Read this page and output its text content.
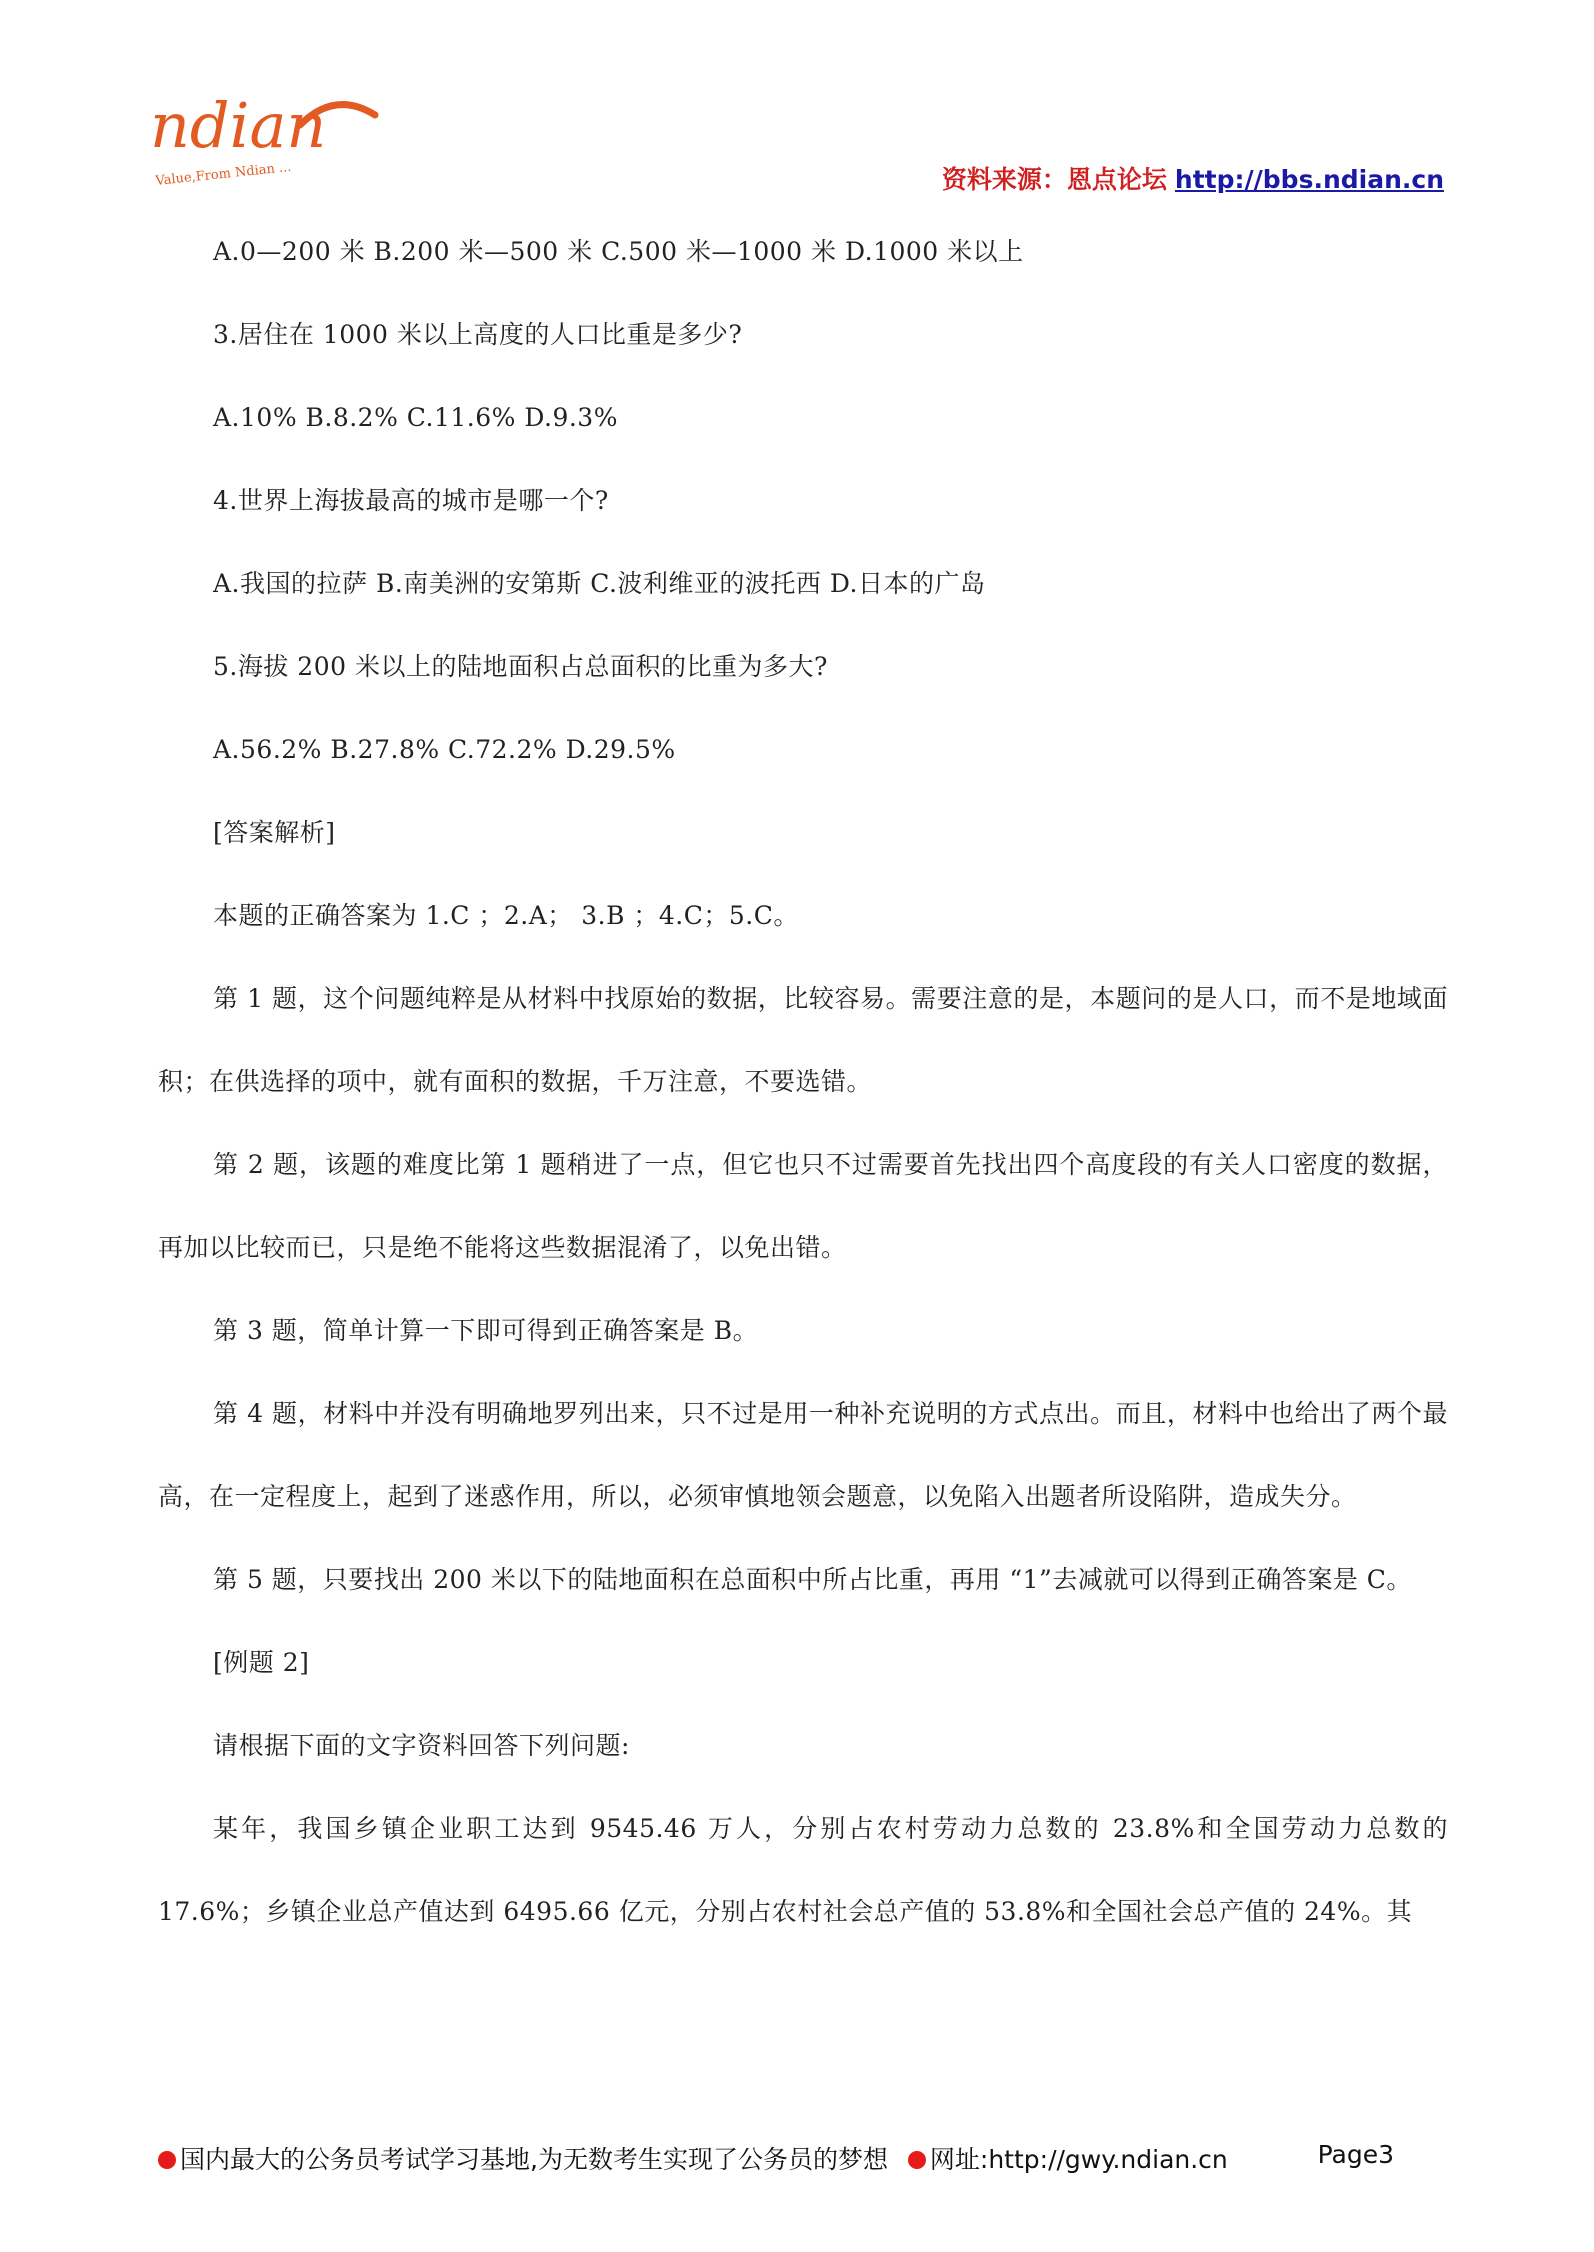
ndian
Value,From Ndian ...	资料来源：恩点论坛 http://bbs.ndian.cn

A.0—200 米 B.200 米—500 米 C.500 米—1000 米 D.1000 米以上

3.居住在 1000 米以上高度的人口比重是多少?

A.10% B.8.2% C.11.6% D.9.3%

4.世界上海拔最高的城市是哪一个?

A.我国的拉萨 B.南美洲的安第斯 C.波利维亚的波托西 D.日本的广岛

5.海拔 200 米以上的陆地面积占总面积的比重为多大?

A.56.2% B.27.8% C.72.2% D.29.5%

[答案解析]

本题的正确答案为 1.C ；2.A； 3.B ；4.C；5.C。

第 1 题，这个问题纯粹是从材料中找原始的数据，比较容易。需要注意的是，本题问的是人口，而不是地域面积；在供选择的项中，就有面积的数据，千万注意，不要选错。

第 2 题，该题的难度比第 1 题稍进了一点，但它也只不过需要首先找出四个高度段的有关人口密度的数据，再加以比较而已，只是绝不能将这些数据混淆了，以免出错。

第 3 题，简单计算一下即可得到正确答案是 B。

第 4 题，材料中并没有明确地罗列出来，只不过是用一种补充说明的方式点出。而且，材料中也给出了两个最高，在一定程度上，起到了迷惑作用，所以，必须审慎地领会题意，以免陷入出题者所设陷阱，造成失分。

第 5 题，只要找出 200 米以下的陆地面积在总面积中所占比重，再用 “1”去减就可以得到正确答案是 C。

[例题 2]

请根据下面的文字资料回答下列问题:

某年，我国乡镇企业职工达到 9545.46 万人，分别占农村劳动力总数的 23.8%和全国劳动力总数的 17.6%；乡镇企业总产值达到 6495.66 亿元，分别占农村社会总产值的 53.8%和全国社会总产值的 24%。其

国内最大的公务员考试学习基地,为无数考生实现了公务员的梦想 网址:http://gwy.ndian.cn	Page3
